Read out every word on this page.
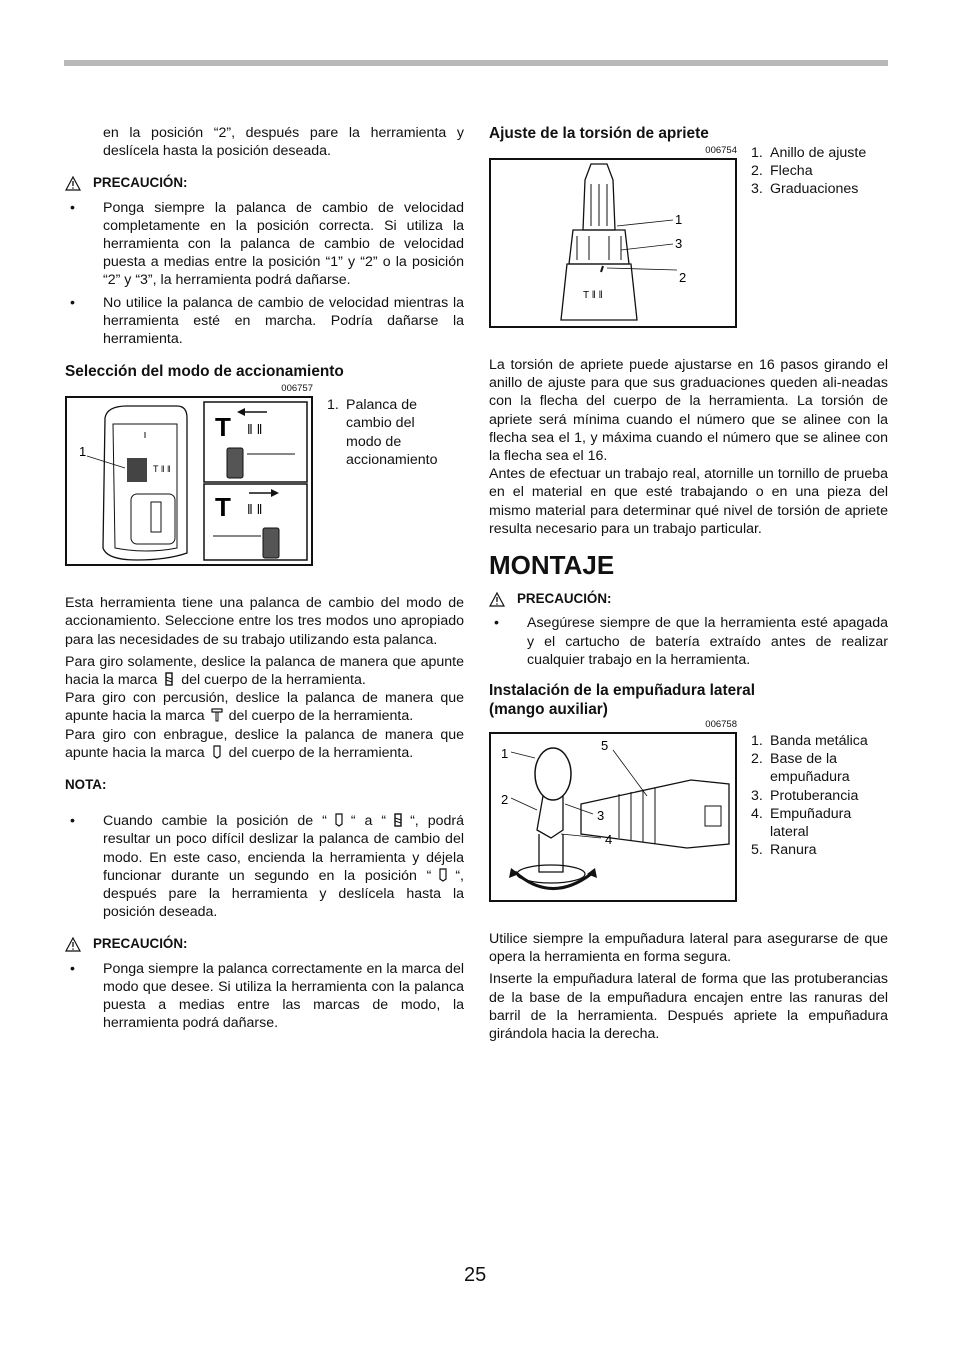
en la posición “2”, después pare la herramienta y deslícela hasta la posición deseada.

PRECAUCIÓN:
• Ponga siempre la palanca de cambio de velocidad completamente en la posición correcta. Si utiliza la herramienta con la palanca de cambio de velocidad puesta a medias entre la posición “1” y “2” o la posición “2” y “3”, la herramienta podrá dañarse.
• No utilice la palanca de cambio de velocidad mientras la herramienta esté en marcha. Podría dañarse la herramienta.
Selección del modo de accionamiento
006757
T ‖ ‖
1
T ‖ ‖
T ‖ ‖
1. Palanca de cambio del modo de accionamiento

Esta herramienta tiene una palanca de cambio del modo de accionamiento. Seleccione entre los tres modos uno apropiado para las necesidades de su trabajo utilizando esta palanca.

Para giro solamente, deslice la palanca de manera que apunte hacia la marca del cuerpo de la herramienta.

Para giro con percusión, deslice la palanca de manera que apunte hacia la marca del cuerpo de la herramienta.

Para giro con enbrague, deslice la palanca de manera que apunte hacia la marca del cuerpo de la herramienta.

NOTA:
• Cuando cambie la posición de “ “ a “ “, podrá resultar un poco difícil deslizar la palanca de cambio del modo. En este caso, encienda la herramienta y déjela funcionar durante un segundo en la posición “ “, después pare la herramienta y deslícela hasta la posición deseada.
PRECAUCIÓN:
• Ponga siempre la palanca correctamente en la marca del modo que desee. Si utiliza la herramienta con la palanca puesta a medias entre las marcas de modo, la herramienta podrá dañarse.
Ajuste de la torsión de apriete
006754
T ‖ ‖
1
3
2
1. Anillo de ajuste
2. Flecha
3. Graduaciones

La torsión de apriete puede ajustarse en 16 pasos girando el anillo de ajuste para que sus graduaciones queden ali-neadas con la flecha del cuerpo de la herramienta. La torsión de apriete será mínima cuando el número que se alinee con la flecha sea el 1, y máxima cuando el número que se alinee con la flecha sea el 16.

Antes de efectuar un trabajo real, atornille un tornillo de prueba en el material en que esté trabajando o en una pieza del mismo material para determinar qué nivel de torsión de apriete resulta necesario para un trabajo particular.

MONTAJE
PRECAUCIÓN:
• Asegúrese siempre de que la herramienta esté apagada y el cartucho de batería extraído antes de realizar cualquier trabajo en la herramienta.
Instalación de la empuñadura lateral
(mango auxiliar)
006758
1
5
2
3
4
1. Banda metálica
2. Base de la empuñadura
3. Protuberancia
4. Empuñadura lateral
5. Ranura

Utilice siempre la empuñadura lateral para asegurarse de que opera la herramienta en forma segura.

Inserte la empuñadura lateral de forma que las protuberancias de la base de la empuñadura encajen entre las ranuras del barril de la herramienta. Después apriete la empuñadura girándola hacia la derecha.

25
